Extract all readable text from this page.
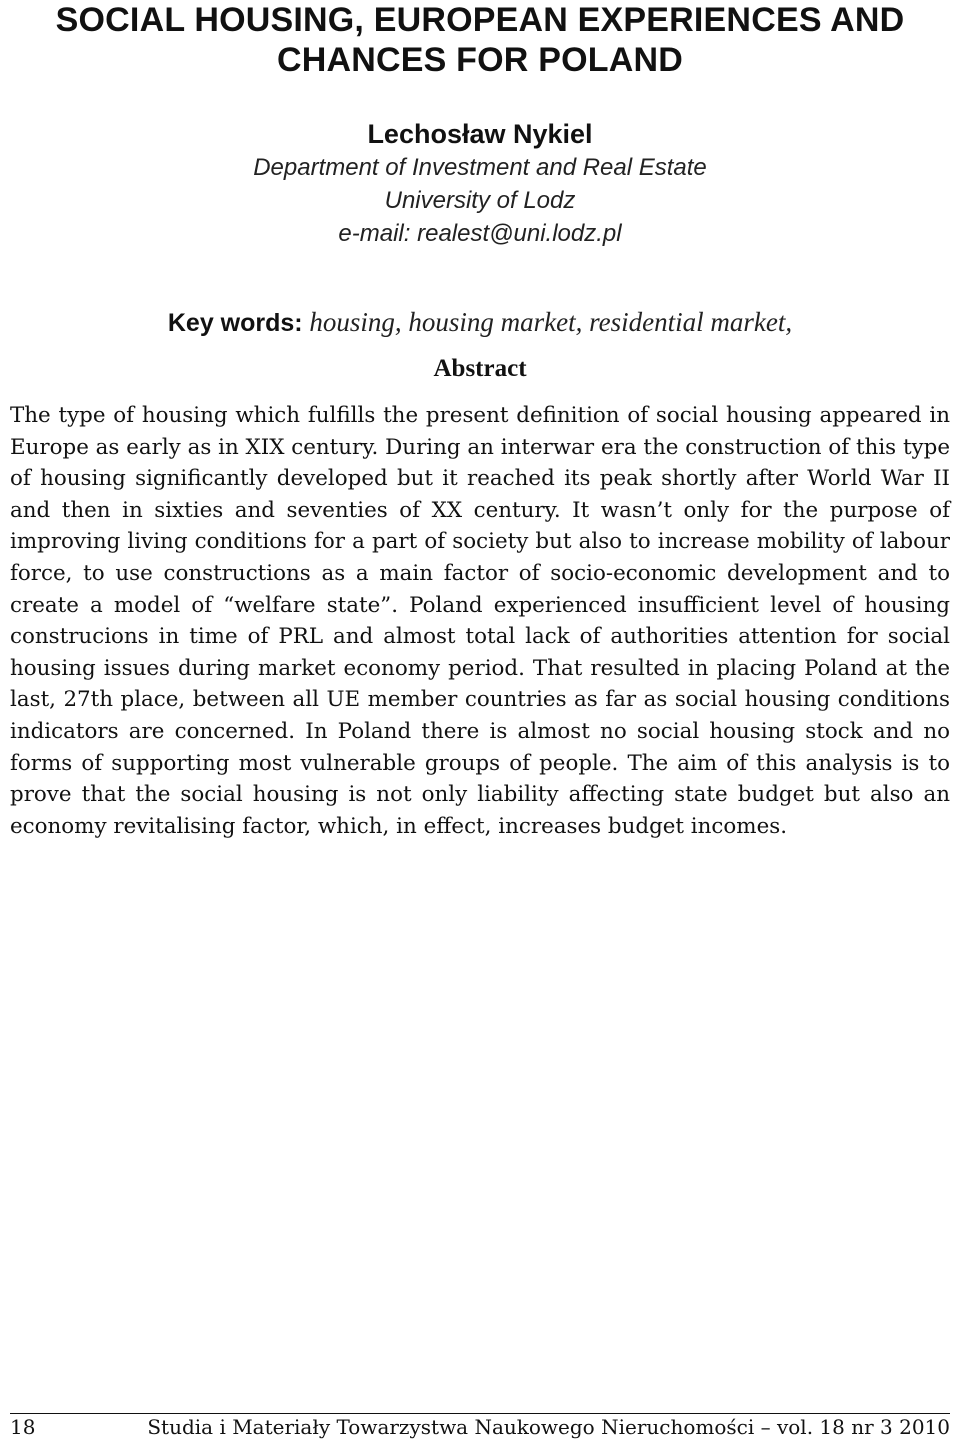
SOCIAL HOUSING, EUROPEAN EXPERIENCES AND
CHANCES FOR POLAND

Lechosław Nykiel

Department of Investment and Real Estate

University of Lodz

e-mail: realest@uni.lodz.pl

Key words: housing, housing market, residential market,

Abstract

The type of housing which fulfills the present definition of social housing appeared in Europe as early as in XIX century. During an interwar era the construction of this type of housing significantly developed but it reached its peak shortly after World War II and then in sixties and seventies of XX century. It wasn’t only for the purpose of improving living conditions for a part of society but also to increase mobility of labour force, to use constructions as a main factor of socio-economic development and to create a model of “welfare state”. Poland experienced insufficient level of housing construcions in time of PRL and almost total lack of authorities attention for social housing issues during market economy period. That resulted in placing Poland at the last, 27th place, between all UE member countries as far as social housing conditions indicators are concerned. In Poland there is almost no social housing stock and no forms of supporting most vulnerable groups of people. The aim of this analysis is to prove that the social housing is not only liability affecting state budget but also an economy revitalising factor, which, in effect, increases budget incomes.

18	Studia i Materiały Towarzystwa Naukowego Nieruchomości – vol. 18 nr 3 2010
